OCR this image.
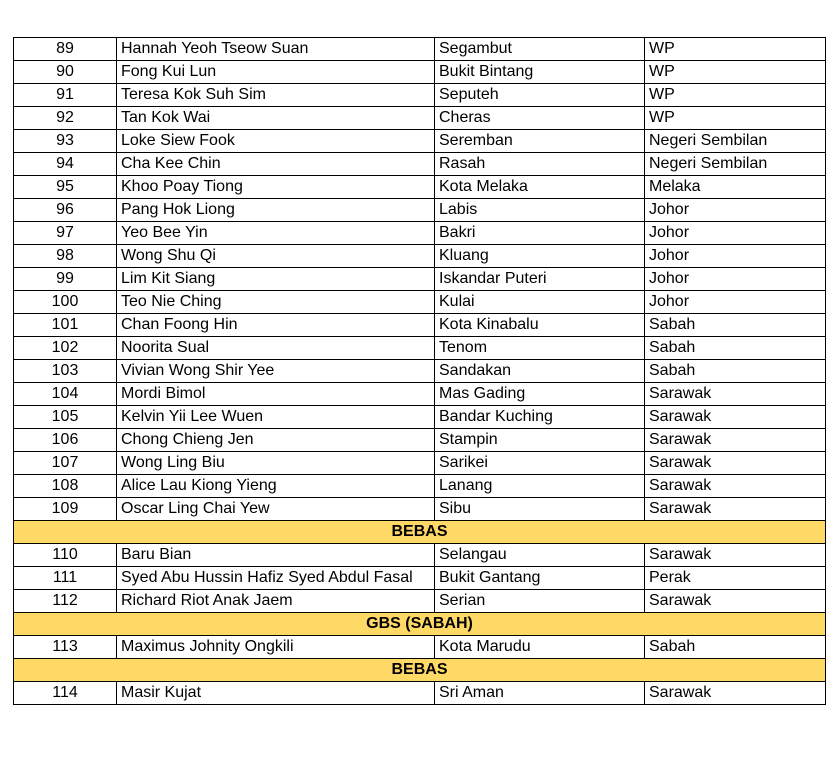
89	Hannah Yeoh Tseow Suan	Segambut	WP
90	Fong Kui Lun	Bukit Bintang	WP
91	Teresa Kok Suh Sim	Seputeh	WP
92	Tan Kok Wai	Cheras	WP
93	Loke Siew Fook	Seremban	Negeri Sembilan
94	Cha Kee Chin	Rasah	Negeri Sembilan
95	Khoo Poay Tiong	Kota Melaka	Melaka
96	Pang Hok Liong	Labis	Johor
97	Yeo Bee Yin	Bakri	Johor
98	Wong Shu Qi	Kluang	Johor
99	Lim Kit Siang	Iskandar Puteri	Johor
100	Teo Nie Ching	Kulai	Johor
101	Chan Foong Hin	Kota Kinabalu	Sabah
102	Noorita Sual	Tenom	Sabah
103	Vivian Wong Shir Yee	Sandakan	Sabah
104	Mordi Bimol	Mas Gading	Sarawak
105	Kelvin Yii Lee Wuen	Bandar Kuching	Sarawak
106	Chong Chieng Jen	Stampin	Sarawak
107	Wong Ling Biu	Sarikei	Sarawak
108	Alice Lau Kiong Yieng	Lanang	Sarawak
109	Oscar Ling Chai Yew	Sibu	Sarawak
BEBAS			
110	Baru Bian	Selangau	Sarawak
111	Syed Abu Hussin Hafiz Syed Abdul Fasal	Bukit Gantang	Perak
112	Richard Riot Anak Jaem	Serian	Sarawak
GBS (SABAH)			
113	Maximus Johnity Ongkili	Kota Marudu	Sabah
BEBAS			
114	Masir Kujat	Sri Aman	Sarawak
